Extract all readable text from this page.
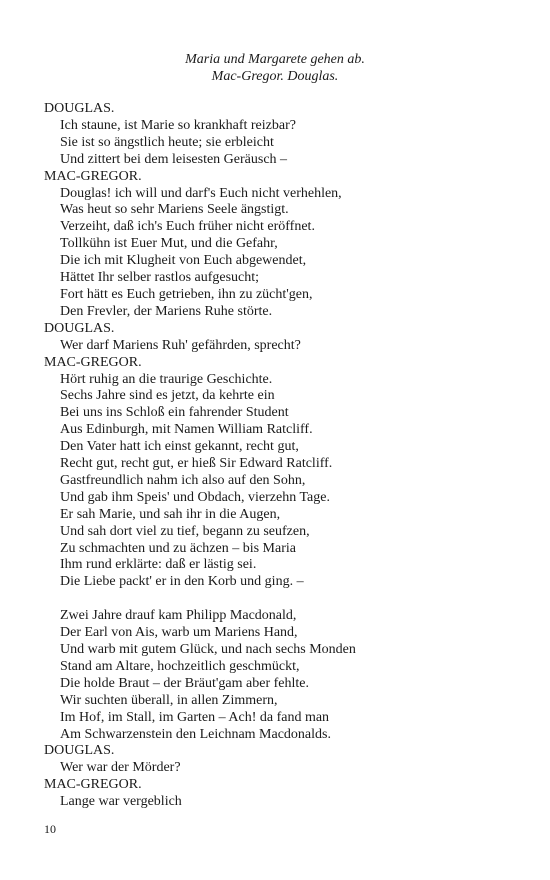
Maria und Margarete gehen ab.
Mac-Gregor. Douglas.
DOUGLAS.
Ich staune, ist Marie so krankhaft reizbar?
Sie ist so ängstlich heute; sie erbleicht
Und zittert bei dem leisesten Geräusch –
MAC-GREGOR.
Douglas! ich will und darf's Euch nicht verhehlen,
Was heut so sehr Mariens Seele ängstigt.
Verzeiht, daß ich's Euch früher nicht eröffnet.
Tollkühn ist Euer Mut, und die Gefahr,
Die ich mit Klugheit von Euch abgewendet,
Hättet Ihr selber rastlos aufgesucht;
Fort hätt es Euch getrieben, ihn zu zücht'gen,
Den Frevler, der Mariens Ruhe störte.
DOUGLAS.
Wer darf Mariens Ruh' gefährden, sprecht?
MAC-GREGOR.
Hört ruhig an die traurige Geschichte.
Sechs Jahre sind es jetzt, da kehrte ein
Bei uns ins Schloß ein fahrender Student
Aus Edinburgh, mit Namen William Ratcliff.
Den Vater hatt ich einst gekannt, recht gut,
Recht gut, recht gut, er hieß Sir Edward Ratcliff.
Gastfreundlich nahm ich also auf den Sohn,
Und gab ihm Speis' und Obdach, vierzehn Tage.
Er sah Marie, und sah ihr in die Augen,
Und sah dort viel zu tief, begann zu seufzen,
Zu schmachten und zu ächzen – bis Maria
Ihm rund erklärte: daß er lästig sei.
Die Liebe packt' er in den Korb und ging. –
Zwei Jahre drauf kam Philipp Macdonald,
Der Earl von Ais, warb um Mariens Hand,
Und warb mit gutem Glück, und nach sechs Monden
Stand am Altare, hochzeitlich geschmückt,
Die holde Braut – der Bräut'gam aber fehlte.
Wir suchten überall, in allen Zimmern,
Im Hof, im Stall, im Garten – Ach! da fand man
Am Schwarzenstein den Leichnam Macdonalds.
DOUGLAS.
Wer war der Mörder?
MAC-GREGOR.
Lange war vergeblich
10
